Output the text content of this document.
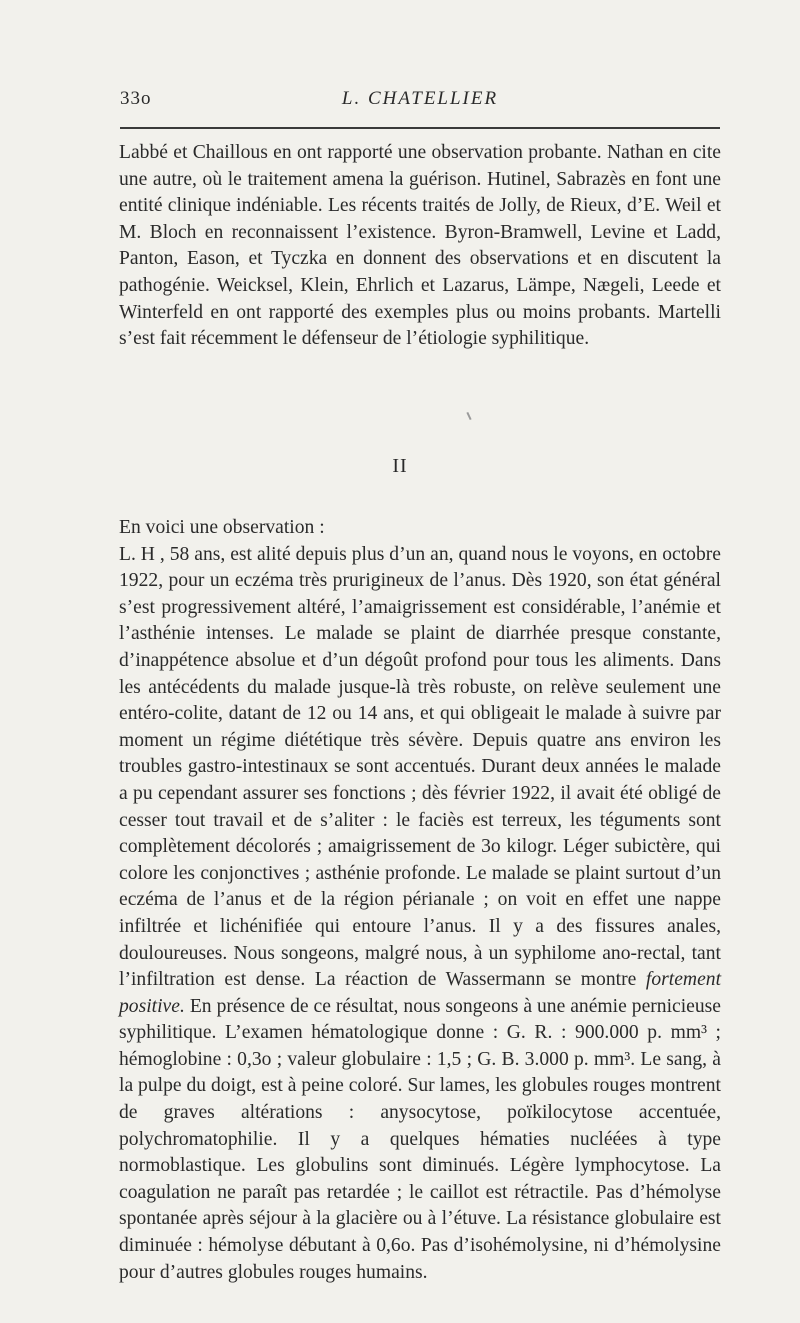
33o	L. CHATELLIER

Labbé et Chaillous en ont rapporté une observation probante. Nathan en cite une autre, où le traitement amena la guérison. Hutinel, Sabrazès en font une entité clinique indéniable. Les récents traités de Jolly, de Rieux, d’E. Weil et M. Bloch en reconnaissent l’existence. Byron-Bramwell, Levine et Ladd, Panton, Eason, et Tyczka en donnent des observations et en discutent la pathogénie. Weicksel, Klein, Ehrlich et Lazarus, Lämpe, Nægeli, Leede et Winterfeld en ont rapporté des exemples plus ou moins probants. Martelli s’est fait récemment le défenseur de l’étiologie syphilitique.

II

En voici une observation :

L. H , 58 ans, est alité depuis plus d’un an, quand nous le voyons, en octobre 1922, pour un eczéma très prurigineux de l’anus. Dès 1920, son état général s’est progressivement altéré, l’amaigrissement est considérable, l’anémie et l’asthénie intenses. Le malade se plaint de diarrhée presque constante, d’inappétence absolue et d’un dégoût profond pour tous les aliments. Dans les antécédents du malade jusque-là très robuste, on relève seulement une entéro-colite, datant de 12 ou 14 ans, et qui obligeait le malade à suivre par moment un régime diététique très sévère. Depuis quatre ans environ les troubles gastro-intestinaux se sont accentués. Durant deux années le malade a pu cependant assurer ses fonctions ; dès février 1922, il avait été obligé de cesser tout travail et de s’aliter : le faciès est terreux, les téguments sont complètement décolorés ; amaigrissement de 3o kilogr. Léger subictère, qui colore les conjonctives ; asthénie profonde. Le malade se plaint surtout d’un eczéma de l’anus et de la région périanale ; on voit en effet une nappe infiltrée et lichénifiée qui entoure l’anus. Il y a des fissures anales, douloureuses. Nous songeons, malgré nous, à un syphilome ano-rectal, tant l’infiltration est dense. La réaction de Wassermann se montre fortement positive. En présence de ce résultat, nous songeons à une anémie pernicieuse syphilitique. L’examen hématologique donne : G. R. : 900.000 p. mm³ ; hémoglobine : 0,3o ; valeur globulaire : 1,5 ; G. B. 3.000 p. mm³. Le sang, à la pulpe du doigt, est à peine coloré. Sur lames, les globules rouges montrent de graves altérations : anysocytose, poïkilocytose accentuée, polychromatophilie. Il y a quelques hématies nucléées à type normoblastique. Les globulins sont diminués. Légère lymphocytose. La coagulation ne paraît pas retardée ; le caillot est rétractile. Pas d’hémolyse spontanée après séjour à la glacière ou à l’étuve. La résistance globulaire est diminuée : hémolyse débutant à 0,6o. Pas d’isohémolysine, ni d’hémolysine pour d’autres globules rouges humains.
